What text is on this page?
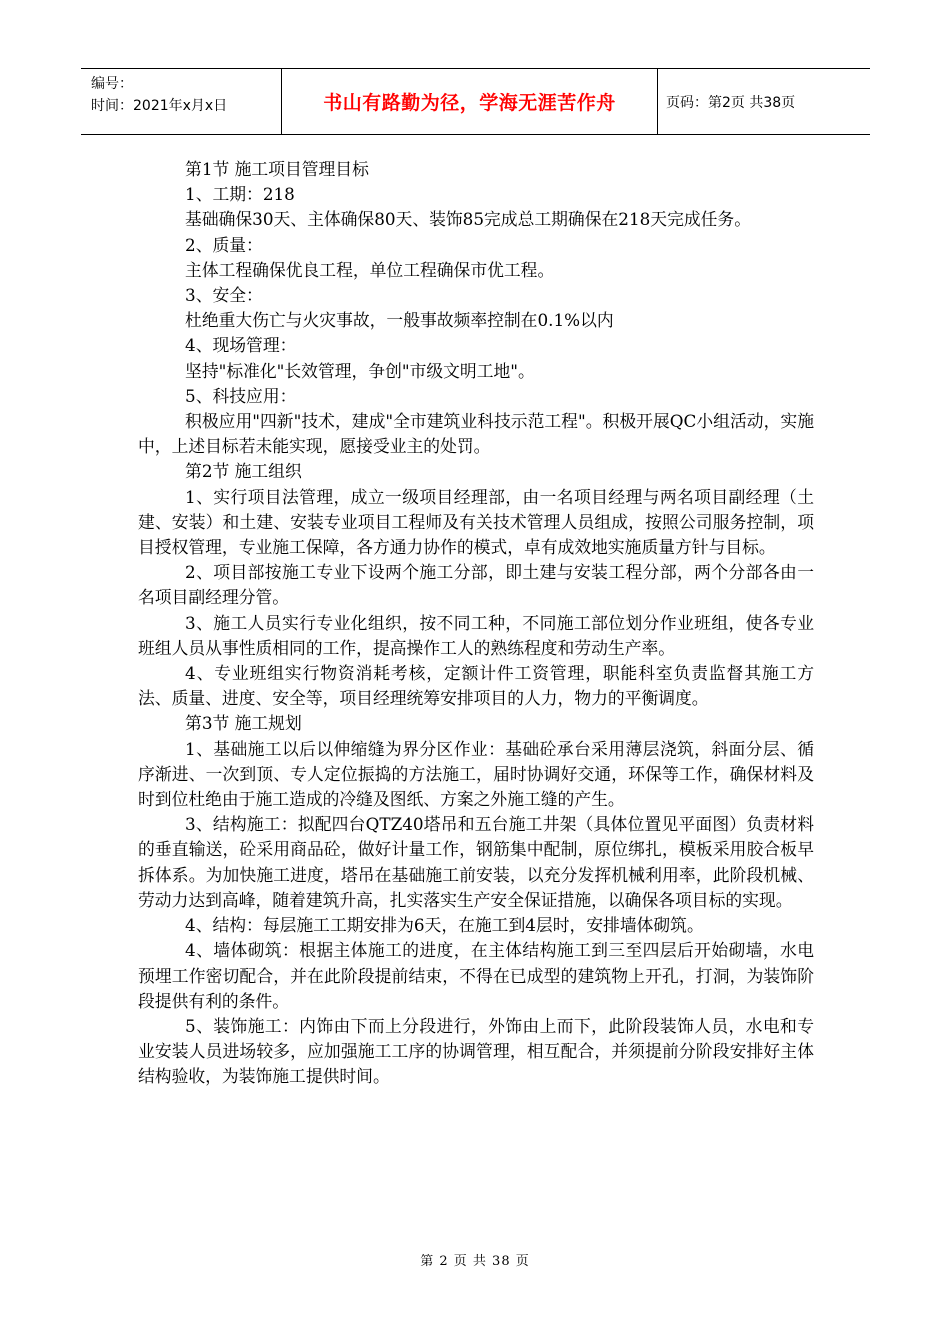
编号：
时间：2021年x月x日	书山有路勤为径，学海无涯苦作舟	页码：第2页 共38页

第1节 施工项目管理目标

1、工期：218

基础确保30天、主体确保80天、装饰85完成总工期确保在218天完成任务。

2、质量：

主体工程确保优良工程，单位工程确保市优工程。

3、安全：

杜绝重大伤亡与火灾事故，一般事故频率控制在0.1%以内

4、现场管理：

坚持"标准化"长效管理，争创"市级文明工地"。

5、科技应用：

积极应用"四新"技术，建成"全市建筑业科技示范工程"。积极开展QC小组活动，实施中，上述目标若未能实现，愿接受业主的处罚。

第2节 施工组织

1、实行项目法管理，成立一级项目经理部，由一名项目经理与两名项目副经理（土建、安装）和土建、安装专业项目工程师及有关技术管理人员组成，按照公司服务控制，项目授权管理，专业施工保障，各方通力协作的模式，卓有成效地实施质量方针与目标。

2、项目部按施工专业下设两个施工分部，即土建与安装工程分部，两个分部各由一名项目副经理分管。

3、施工人员实行专业化组织，按不同工种，不同施工部位划分作业班组，使各专业班组人员从事性质相同的工作，提高操作工人的熟练程度和劳动生产率。

4、专业班组实行物资消耗考核，定额计件工资管理，职能科室负责监督其施工方法、质量、进度、安全等，项目经理统筹安排项目的人力，物力的平衡调度。

第3节 施工规划

1、基础施工以后以伸缩缝为界分区作业：基础砼承台采用薄层浇筑，斜面分层、循序渐进、一次到顶、专人定位振捣的方法施工，届时协调好交通，环保等工作，确保材料及时到位杜绝由于施工造成的冷缝及图纸、方案之外施工缝的产生。

3、结构施工：拟配四台QTZ40塔吊和五台施工井架（具体位置见平面图）负责材料的垂直输送，砼采用商品砼，做好计量工作，钢筋集中配制，原位绑扎，模板采用胶合板早拆体系。为加快施工进度，塔吊在基础施工前安装，以充分发挥机械利用率，此阶段机械、劳动力达到高峰，随着建筑升高，扎实落实生产安全保证措施，以确保各项目标的实现。

4、结构：每层施工工期安排为6天，在施工到4层时，安排墙体砌筑。

4、墙体砌筑：根据主体施工的进度，在主体结构施工到三至四层后开始砌墙，水电预埋工作密切配合，并在此阶段提前结束，不得在已成型的建筑物上开孔，打洞，为装饰阶段提供有利的条件。

5、装饰施工：内饰由下而上分段进行，外饰由上而下，此阶段装饰人员，水电和专业安装人员进场较多，应加强施工工序的协调管理，相互配合，并须提前分阶段安排好主体结构验收，为装饰施工提供时间。

第 2 页 共 38 页
